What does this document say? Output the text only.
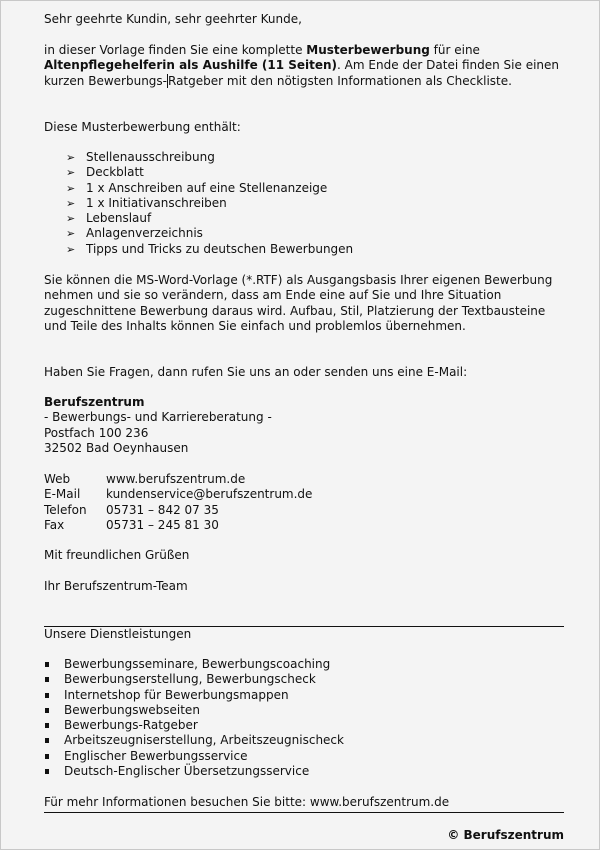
Sehr geehrte Kundin, sehr geehrter Kunde,

in dieser Vorlage finden Sie eine komplette Musterbewerbung für eine Altenpflegehelferin als Aushilfe (11 Seiten). Am Ende der Datei finden Sie einen kurzen Bewerbungs-Ratgeber mit den nötigsten Informationen als Checkliste.

Diese Musterbewerbung enthält:

➢ Stellenausschreibung
➢ Deckblatt
➢ 1 x Anschreiben auf eine Stellenanzeige
➢ 1 x Initiativanschreiben
➢ Lebenslauf
➢ Anlagenverzeichnis
➢ Tipps und Tricks zu deutschen Bewerbungen

Sie können die MS-Word-Vorlage (*.RTF) als Ausgangsbasis Ihrer eigenen Bewerbung nehmen und sie so verändern, dass am Ende eine auf Sie und Ihre Situation zugeschnittene Bewerbung daraus wird. Aufbau, Stil, Platzierung der Textbausteine und Teile des Inhalts können Sie einfach und problemlos übernehmen.

Haben Sie Fragen, dann rufen Sie uns an oder senden uns eine E-Mail:

Berufszentrum
- Bewerbungs- und Karriereberatung -
Postfach 100 236
32502 Bad Oeynhausen
Web	www.berufszentrum.de
E-Mail kundenservice@berufszentrum.de
Telefon 05731 – 842 07 35
Fax	05731 – 245 81 30

Mit freundlichen Grüßen

Ihr Berufszentrum-Team

Unsere Dienstleistungen

Bewerbungsseminare, Bewerbungscoaching
Bewerbungserstellung, Bewerbungscheck
Internetshop für Bewerbungsmappen
Bewerbungswebseiten
Bewerbungs-Ratgeber
Arbeitszeugniserstellung, Arbeitszeugnischeck
Englischer Bewerbungsservice
Deutsch-Englischer Übersetzungsservice

Für mehr Informationen besuchen Sie bitte: www.berufszentrum.de

© Berufszentrum
